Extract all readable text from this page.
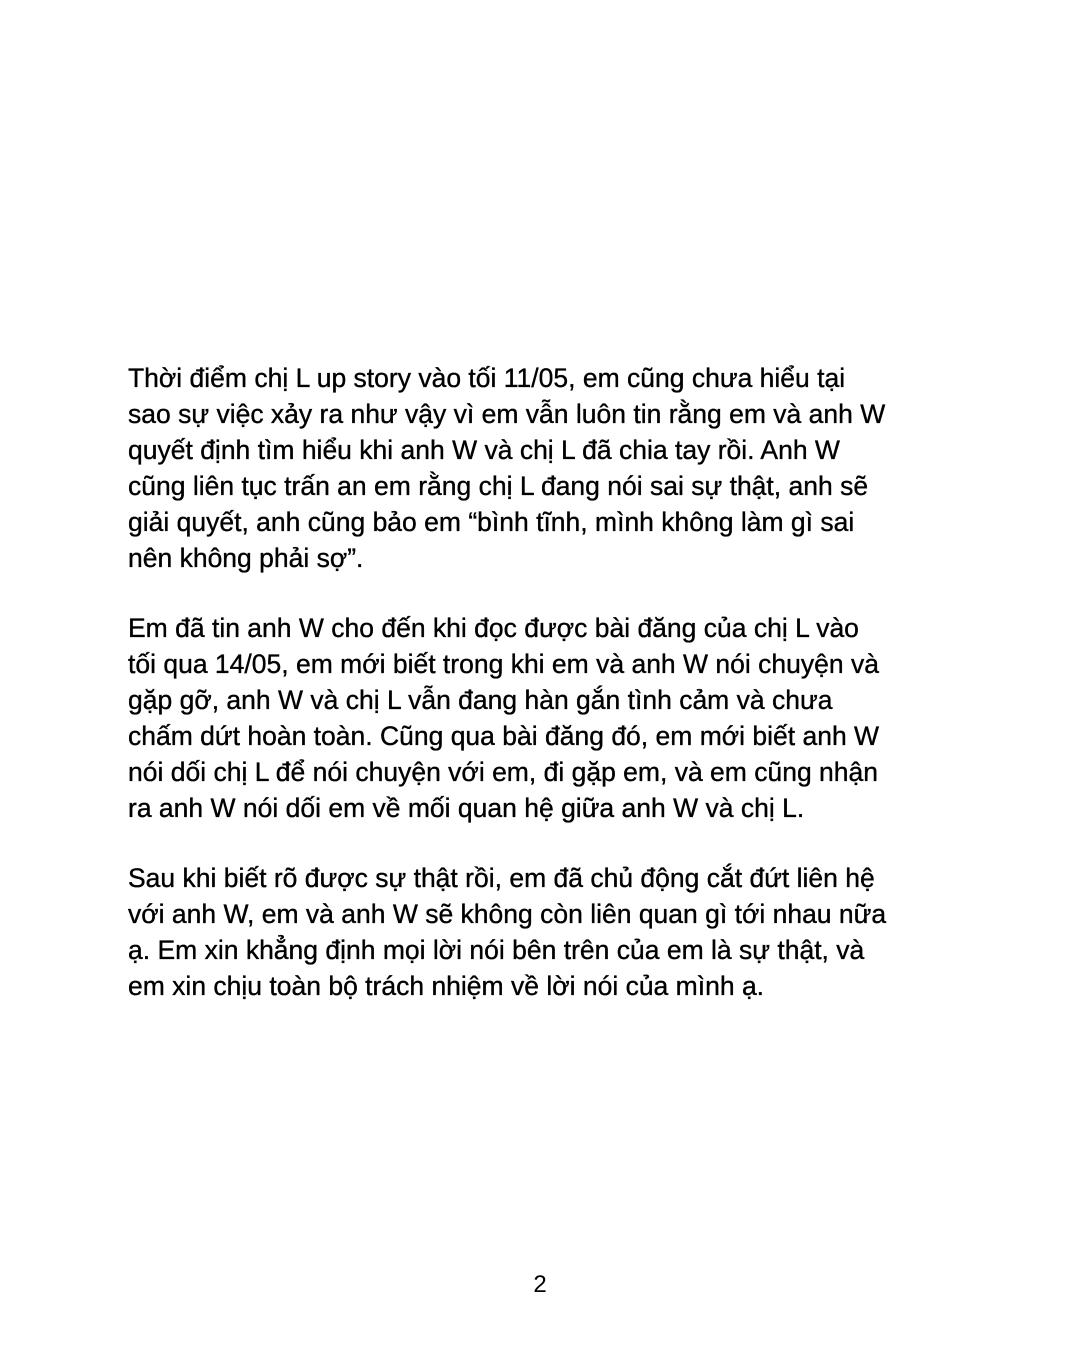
Thời điểm chị L up story vào tối 11/05, em cũng chưa hiểu tại
sao sự việc xảy ra như vậy vì em vẫn luôn tin rằng em và anh W
quyết định tìm hiểu khi anh W và chị L đã chia tay rồi. Anh W
cũng liên tục trấn an em rằng chị L đang nói sai sự thật, anh sẽ
giải quyết, anh cũng bảo em “bình tĩnh, mình không làm gì sai
nên không phải sợ”.

Em đã tin anh W cho đến khi đọc được bài đăng của chị L vào
tối qua 14/05, em mới biết trong khi em và anh W nói chuyện và
gặp gỡ, anh W và chị L vẫn đang hàn gắn tình cảm và chưa
chấm dứt hoàn toàn. Cũng qua bài đăng đó, em mới biết anh W
nói dối chị L để nói chuyện với em, đi gặp em, và em cũng nhận
ra anh W nói dối em về mối quan hệ giữa anh W và chị L.

Sau khi biết rõ được sự thật rồi, em đã chủ động cắt đứt liên hệ
với anh W, em và anh W sẽ không còn liên quan gì tới nhau nữa
ạ. Em xin khẳng định mọi lời nói bên trên của em là sự thật, và
em xin chịu toàn bộ trách nhiệm về lời nói của mình ạ.

2
